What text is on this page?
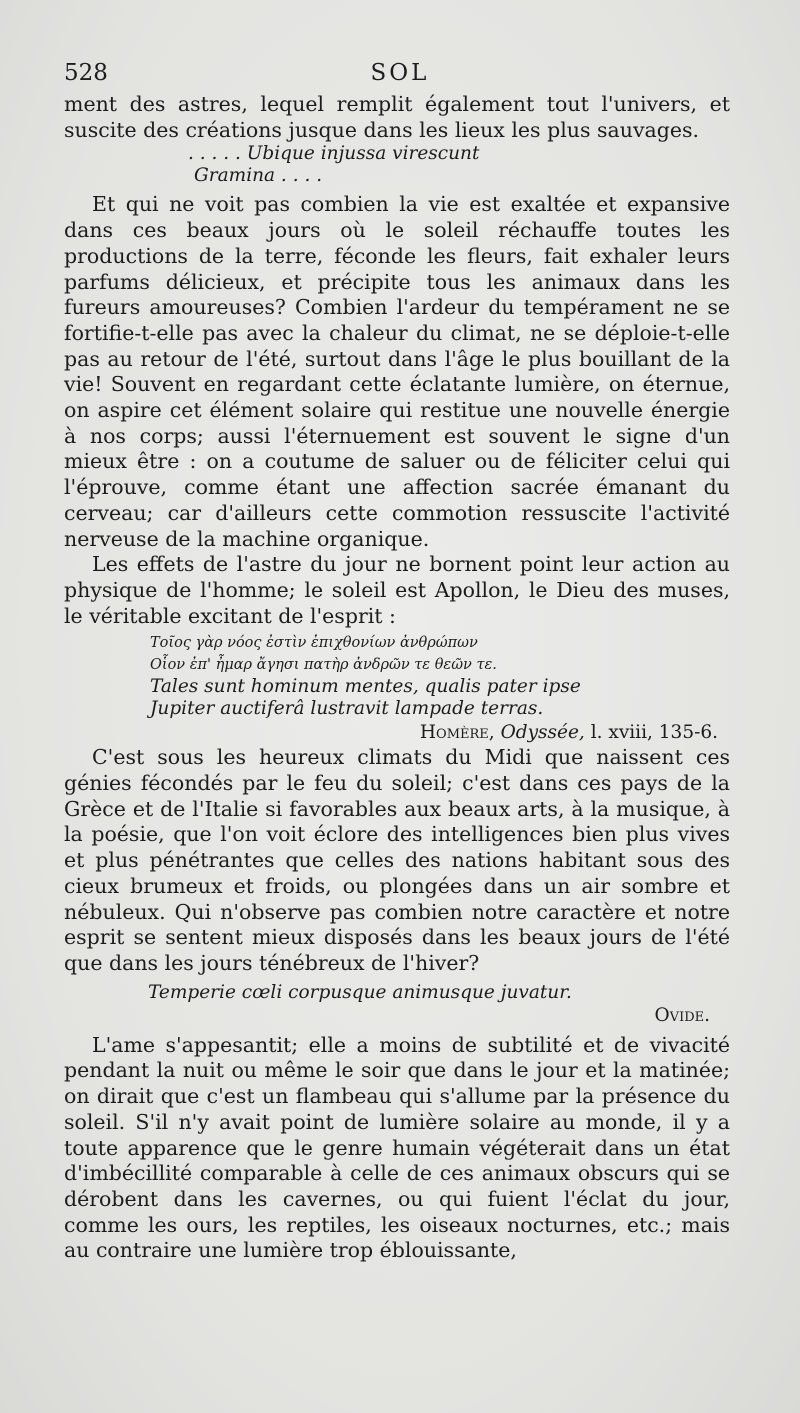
528	SOL

ment des astres, lequel remplit également tout l'univers, et suscite des créations jusque dans les lieux les plus sauvages.

. . . . . Ubique injussa virescunt

Gramina . . . .

Et qui ne voit pas combien la vie est exaltée et expansive dans ces beaux jours où le soleil réchauffe toutes les productions de la terre, féconde les fleurs, fait exhaler leurs parfums délicieux, et précipite tous les animaux dans les fureurs amoureuses? Combien l'ardeur du tempérament ne se fortifie-t-elle pas avec la chaleur du climat, ne se déploie-t-elle pas au retour de l'été, surtout dans l'âge le plus bouillant de la vie! Souvent en regardant cette éclatante lumière, on éternue, on aspire cet élément solaire qui restitue une nouvelle énergie à nos corps; aussi l'éternuement est souvent le signe d'un mieux être : on a coutume de saluer ou de féliciter celui qui l'éprouve, comme étant une affection sacrée émanant du cerveau; car d'ailleurs cette commotion ressuscite l'activité nerveuse de la machine organique.

Les effets de l'astre du jour ne bornent point leur action au physique de l'homme; le soleil est Apollon, le Dieu des muses, le véritable excitant de l'esprit :

Τοῖος γὰρ νόος ἐστὶν ἐπιχθονίων ἀνθρώπων

Οἷον ἐπ' ἦμαρ ἄγησι πατὴρ ἀνδρῶν τε θεῶν τε.

Tales sunt hominum mentes, qualis pater ipse

Jupiter auctiferâ lustravit lampade terras.

Homère, Odyssée, l. xviii, 135-6.

C'est sous les heureux climats du Midi que naissent ces génies fécondés par le feu du soleil; c'est dans ces pays de la Grèce et de l'Italie si favorables aux beaux arts, à la musique, à la poésie, que l'on voit éclore des intelligences bien plus vives et plus pénétrantes que celles des nations habitant sous des cieux brumeux et froids, ou plongées dans un air sombre et nébuleux. Qui n'observe pas combien notre caractère et notre esprit se sentent mieux disposés dans les beaux jours de l'été que dans les jours ténébreux de l'hiver?

Temperie cœli corpusque animusque juvatur.

Ovide.

L'ame s'appesantit; elle a moins de subtilité et de vivacité pendant la nuit ou même le soir que dans le jour et la matinée; on dirait que c'est un flambeau qui s'allume par la présence du soleil. S'il n'y avait point de lumière solaire au monde, il y a toute apparence que le genre humain végéterait dans un état d'imbécillité comparable à celle de ces animaux obscurs qui se dérobent dans les cavernes, ou qui fuient l'éclat du jour, comme les ours, les reptiles, les oiseaux nocturnes, etc.; mais au contraire une lumière trop éblouissante,
